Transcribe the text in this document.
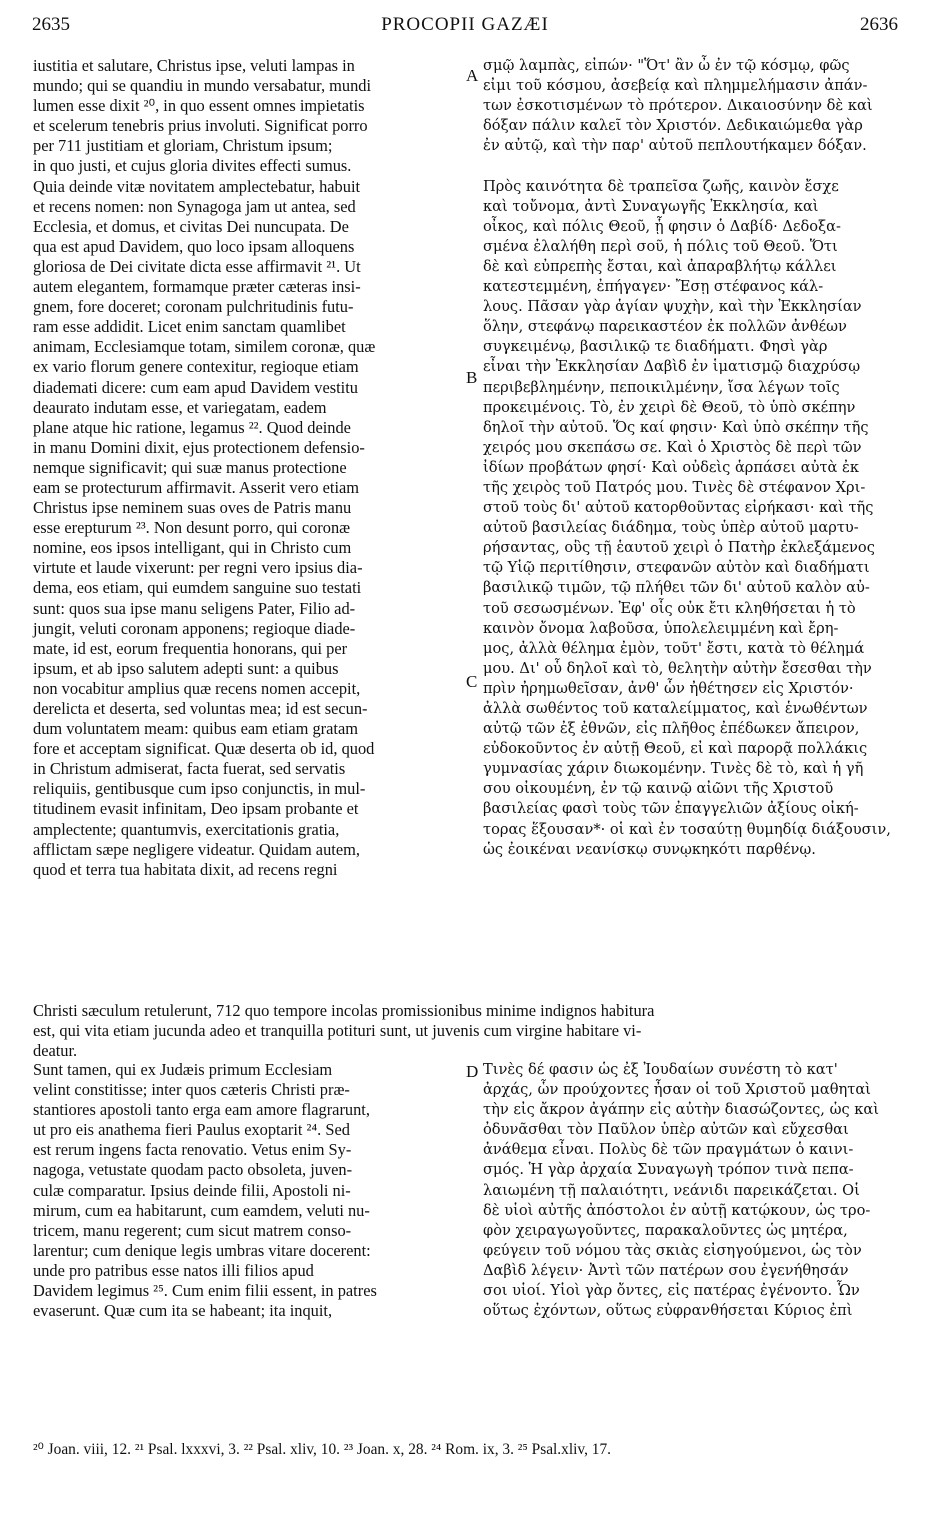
2635	PROCOPII GAZÆI	2636
iustitia et salutare, Christus ipse, veluti lampas in
mundo; qui se quandiu in mundo versabatur, mundi
lumen esse dixit ²⁰, in quo essent omnes impietatis
et scelerum tenebris prius involuti. Significat porro
per 711 justitiam et gloriam, Christum ipsum;
in quo justi, et cujus gloria divites effecti sumus.
Quia deinde vitæ novitatem amplectebatur, habuit
et recens nomen: non Synagoga jam ut antea, sed
Ecclesia, et domus, et civitas Dei nuncupata. De
qua est apud Davidem, quo loco ipsam alloquens
gloriosa de Dei civitate dicta esse affirmavit ²¹. Ut
autem elegantem, formamque præter cæteras insi-
gnem, fore doceret; coronam pulchritudinis futu-
ram esse addidit. Licet enim sanctam quamlibet
animam, Ecclesiamque totam, similem coronæ, quæ
ex vario florum genere contexitur, regioque etiam
diademati dicere: cum eam apud Davidem vestitu
deaurato indutam esse, et variegatam, eadem
plane atque hic ratione, legamus ²². Quod deinde
in manu Domini dixit, ejus protectionem defensio-
nemque significavit; qui suæ manus protectione
eam se protecturum affirmavit. Asserit vero etiam
Christus ipse neminem suas oves de Patris manu
esse erepturum ²³. Non desunt porro, qui coronæ
nomine, eos ipsos intelligant, qui in Christo cum
virtute et laude vixerunt: per regni vero ipsius dia-
dema, eos etiam, qui eumdem sanguine suo testati
sunt: quos sua ipse manu seligens Pater, Filio ad-
jungit, veluti coronam apponens; regioque diade-
mate, id est, eorum frequentia honorans, qui per
ipsum, et ab ipso salutem adepti sunt: a quibus
non vocabitur amplius quæ recens nomen accepit,
derelicta et deserta, sed voluntas mea; id est secun-
dum voluntatem meam: quibus eam etiam gratam
fore et acceptam significat. Quæ deserta ob id, quod
in Christum admiserat, facta fuerat, sed servatis
reliquiis, gentibusque cum ipso conjunctis, in mul-
titudinem evasit infinitam, Deo ipsam probante et
amplectente; quantumvis, exercitationis gratia,
afflictam sæpe negligere videatur. Quidam autem,
quod et terra tua habitata dixit, ad recens regni
σμῷ λαμπὰς, εἰπών· "Ὅτ' ἂν ὦ ἐν τῷ κόσμῳ, φῶς
εἰμι τοῦ κόσμου, ἀσεβείᾳ καὶ πλημμελήμασιν ἀπάν-
των ἐσκοτισμένων τὸ πρότερον. Δικαιοσύνην δὲ καὶ
δόξαν πάλιν καλεῖ τὸν Χριστόν. Δεδικαιώμεθα γὰρ
ἐν αὐτῷ, καὶ τὴν παρ' αὐτοῦ πεπλουτήκαμεν δόξαν.

Πρὸς καινότητα δὲ τραπεῖσα ζωῆς, καινὸν ἔσχε
καὶ τοὔνομα, ἀντὶ Συναγωγῆς Ἐκκλησία, καὶ
οἶκος, καὶ πόλις Θεοῦ, ᾗ φησιν ὁ Δαβίδ· Δεδοξα-
σμένα ἐλαλήθη περὶ σοῦ, ἡ πόλις τοῦ Θεοῦ. Ὅτι
δὲ καὶ εὐπρεπὴς ἔσται, καὶ ἀπαραβλήτῳ κάλλει
κατεστεμμένη, ἐπήγαγεν· Ἔσῃ στέφανος κάλ-
λους. Πᾶσαν γὰρ ἁγίαν ψυχὴν, καὶ τὴν Ἐκκλησίαν
ὅλην, στεφάνῳ παρεικαστέον ἐκ πολλῶν ἀνθέων
συγκειμένῳ, βασιλικῷ τε διαδήματι. Φησὶ γὰρ
εἶναι τὴν Ἐκκλησίαν Δαβὶδ ἐν ἱματισμῷ διαχρύσῳ
περιβεβλημένην, πεποικιλμένην, ἴσα λέγων τοῖς
προκειμένοις. Τὸ, ἐν χειρὶ δὲ Θεοῦ, τὸ ὑπὸ σκέπην
δηλοῖ τὴν αὐτοῦ. Ὅς καί φησιν· Καὶ ὑπὸ σκέπην τῆς
χειρός μου σκεπάσω σε. Καὶ ὁ Χριστὸς δὲ περὶ τῶν
ἰδίων προβάτων φησί· Καὶ οὐδεὶς ἁρπάσει αὐτὰ ἐκ
τῆς χειρὸς τοῦ Πατρός μου. Τινὲς δὲ στέφανον Χρι-
στοῦ τοὺς δι' αὐτοῦ κατορθοῦντας εἰρήκασι· καὶ τῆς
αὐτοῦ βασιλείας διάδημα, τοὺς ὑπὲρ αὐτοῦ μαρτυ-
ρήσαντας, οὓς τῇ ἑαυτοῦ χειρὶ ὁ Πατὴρ ἐκλεξάμενος
τῷ Υἱῷ περιτίθησιν, στεφανῶν αὐτὸν καὶ διαδήματι
βασιλικῷ τιμῶν, τῷ πλήθει τῶν δι' αὐτοῦ καλὸν αὐ-
τοῦ σεσωσμένων. Ἐφ' οἷς οὐκ ἔτι κληθήσεται ἡ τὸ
καινὸν ὄνομα λαβοῦσα, ὑπολελειμμένη καὶ ἔρη-
μος, ἀλλὰ θέλημα ἐμὸν, τοῦτ' ἔστι, κατὰ τὸ θέλημά
μου. Δι' οὗ δηλοῖ καὶ τὸ, θελητὴν αὐτὴν ἔσεσθαι τὴν
πρὶν ἠρημωθεῖσαν, ἀνθ' ὧν ἠθέτησεν εἰς Χριστόν·
ἀλλὰ σωθέντος τοῦ καταλείμματος, καὶ ἑνωθέντων
αὐτῷ τῶν ἐξ ἐθνῶν, εἰς πλῆθος ἐπέδωκεν ἄπειρον,
εὐδοκοῦντος ἐν αὐτῇ Θεοῦ, εἰ καὶ παρορᾷ πολλάκις
γυμνασίας χάριν διωκομένην. Τινὲς δὲ τὸ, καὶ ἡ γῆ
σου οἰκουμένη, ἐν τῷ καινῷ αἰῶνι τῆς Χριστοῦ
βασιλείας φασὶ τοὺς τῶν ἐπαγγελιῶν ἀξίους οἰκή-
τορας ἕξουσαν*· οἱ καὶ ἐν τοσαύτῃ θυμηδίᾳ διάξουσιν,
ὡς ἐοικέναι νεανίσκῳ συνῳκηκότι παρθένῳ.
A
B
C
D
Christi sæculum retulerunt, 712 quo tempore incolas promissionibus minime indignos habitura
est, qui vita etiam jucunda adeo et tranquilla potituri sunt, ut juvenis cum virgine habitare vi-
deatur.
Sunt tamen, qui ex Judæis primum Ecclesiam
velint constitisse; inter quos cæteris Christi præ-
stantiores apostoli tanto erga eam amore flagrarunt,
ut pro eis anathema fieri Paulus exoptarit ²⁴. Sed
est rerum ingens facta renovatio. Vetus enim Sy-
nagoga, vetustate quodam pacto obsoleta, juven-
culæ comparatur. Ipsius deinde filii, Apostoli ni-
mirum, cum ea habitarunt, cum eamdem, veluti nu-
tricem, manu regerent; cum sicut matrem conso-
larentur; cum denique legis umbras vitare docerent:
unde pro patribus esse natos illi filios apud
Davidem legimus ²⁵. Cum enim filii essent, in patres
evaserunt. Quæ cum ita se habeant; ita inquit,
Τινὲς δέ φασιν ὡς ἐξ Ἰουδαίων συνέστη τὸ κατ'
ἀρχάς, ὧν προύχοντες ἦσαν οἱ τοῦ Χριστοῦ μαθηταὶ
τὴν εἰς ἄκρον ἀγάπην εἰς αὐτὴν διασώζοντες, ὡς καὶ
ὀδυνᾶσθαι τὸν Παῦλον ὑπὲρ αὐτῶν καὶ εὔχεσθαι
ἀνάθεμα εἶναι. Πολὺς δὲ τῶν πραγμάτων ὁ καινι-
σμός. Ἡ γὰρ ἀρχαία Συναγωγὴ τρόπον τινὰ πεπα-
λαιωμένη τῇ παλαιότητι, νεάνιδι παρεικάζεται. Οἱ
δὲ υἱοὶ αὐτῆς ἀπόστολοι ἐν αὐτῇ κατῴκουν, ὡς τρο-
φὸν χειραγωγοῦντες, παρακαλοῦντες ὡς μητέρα,
φεύγειν τοῦ νόμου τὰς σκιὰς εἰσηγούμενοι, ὡς τὸν
Δαβὶδ λέγειν· Ἀντὶ τῶν πατέρων σου ἐγενήθησάν
σοι υἱοί. Υἱοὶ γὰρ ὄντες, εἰς πατέρας ἐγένοντο. Ὧν
οὕτως ἐχόντων, οὕτως εὐφρανθήσεται Κύριος ἐπὶ
²⁰ Joan. viii, 12. ²¹ Psal. lxxxvi, 3. ²² Psal. xliv, 10. ²³ Joan. x, 28. ²⁴ Rom. ix, 3. ²⁵ Psal.xliv, 17.
